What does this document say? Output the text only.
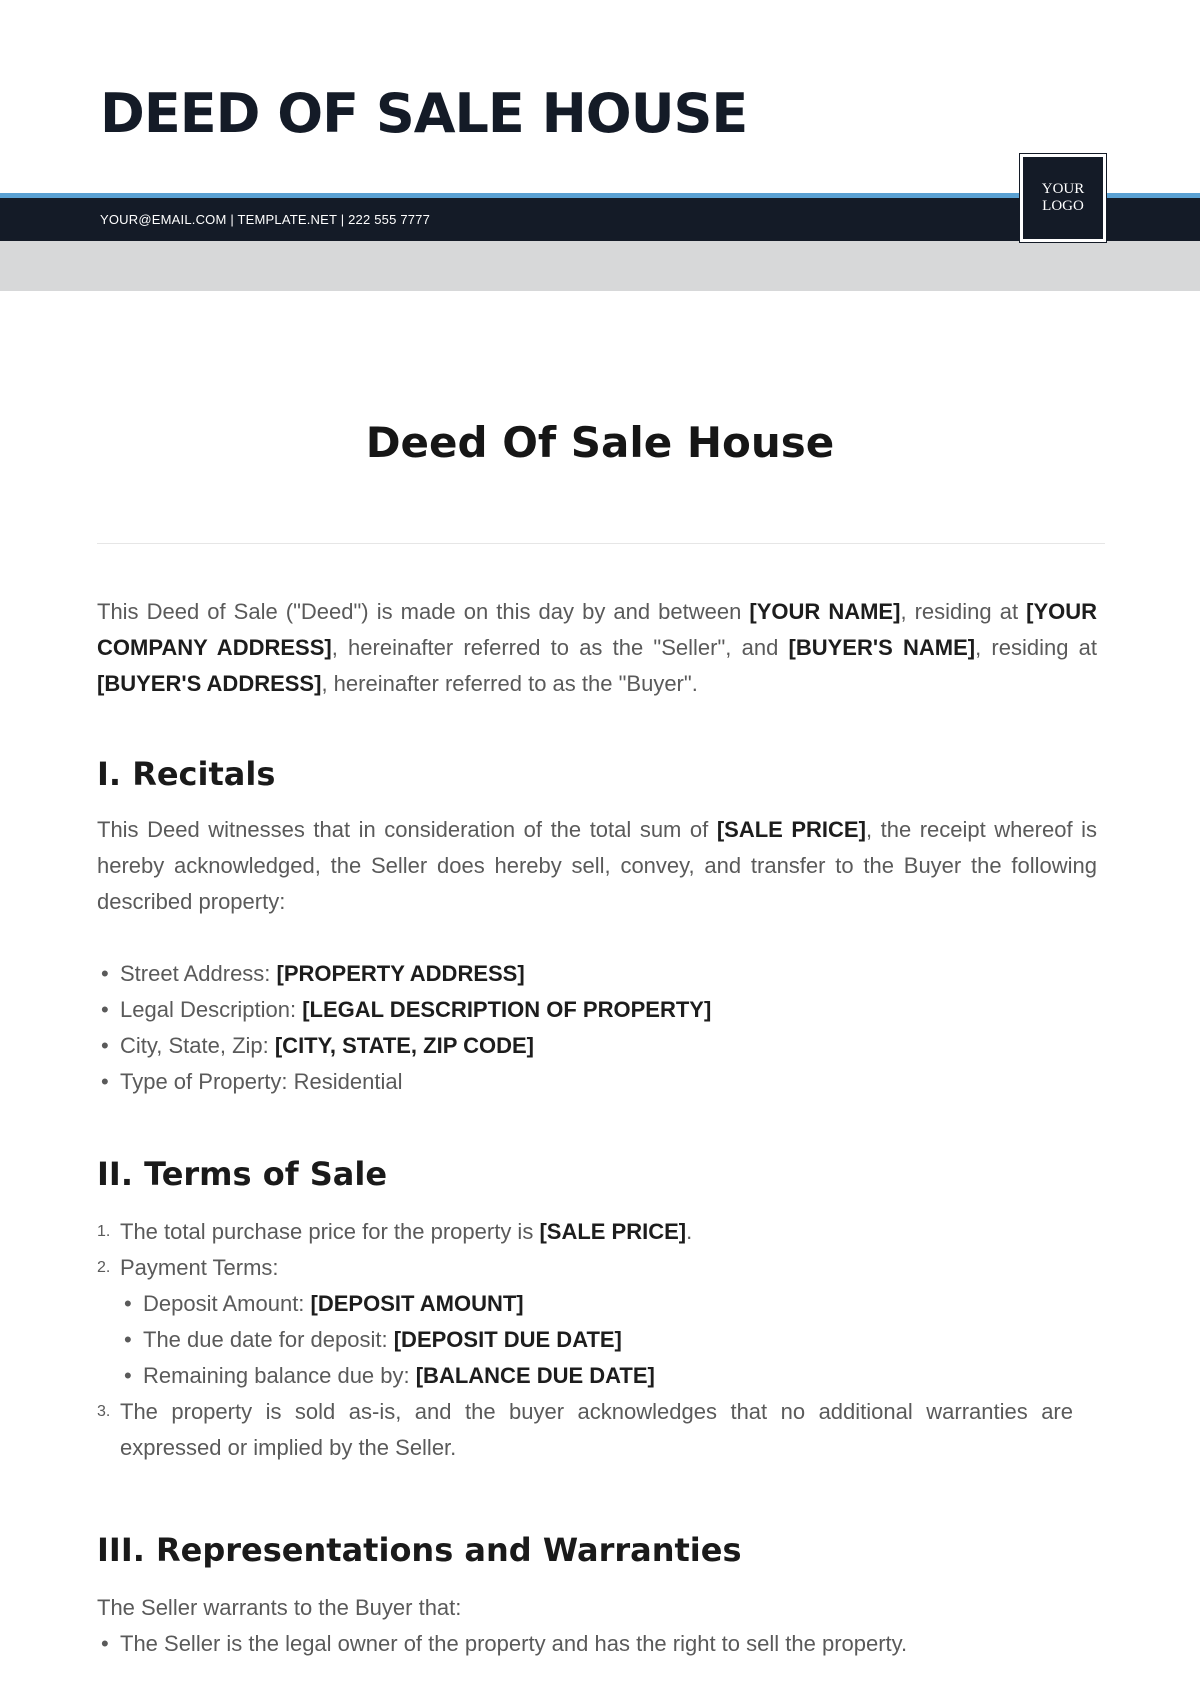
DEED OF SALE HOUSE
YOUR@EMAIL.COM | TEMPLATE.NET | 222 555 7777
YOUR
LOGO
Deed Of Sale House

This Deed of Sale ("Deed") is made on this day by and between [YOUR NAME], residing at [YOUR COMPANY ADDRESS], hereinafter referred to as the "Seller", and [BUYER'S NAME], residing at [BUYER'S ADDRESS], hereinafter referred to as the "Buyer".

I. Recitals

This Deed witnesses that in consideration of the total sum of [SALE PRICE], the receipt whereof is hereby acknowledged, the Seller does hereby sell, convey, and transfer to the Buyer the following described property:

• Street Address: [PROPERTY ADDRESS]
• Legal Description: [LEGAL DESCRIPTION OF PROPERTY]
• City, State, Zip: [CITY, STATE, ZIP CODE]
• Type of Property: Residential
II. Terms of Sale
1. The total purchase price for the property is [SALE PRICE].
2. Payment Terms:
• Deposit Amount: [DEPOSIT AMOUNT]
• The due date for deposit: [DEPOSIT DUE DATE]
• Remaining balance due by: [BALANCE DUE DATE]
3. The property is sold as-is, and the buyer acknowledges that no additional warranties are expressed or implied by the Seller.
III. Representations and Warranties

The Seller warrants to the Buyer that:

• The Seller is the legal owner of the property and has the right to sell the property.
